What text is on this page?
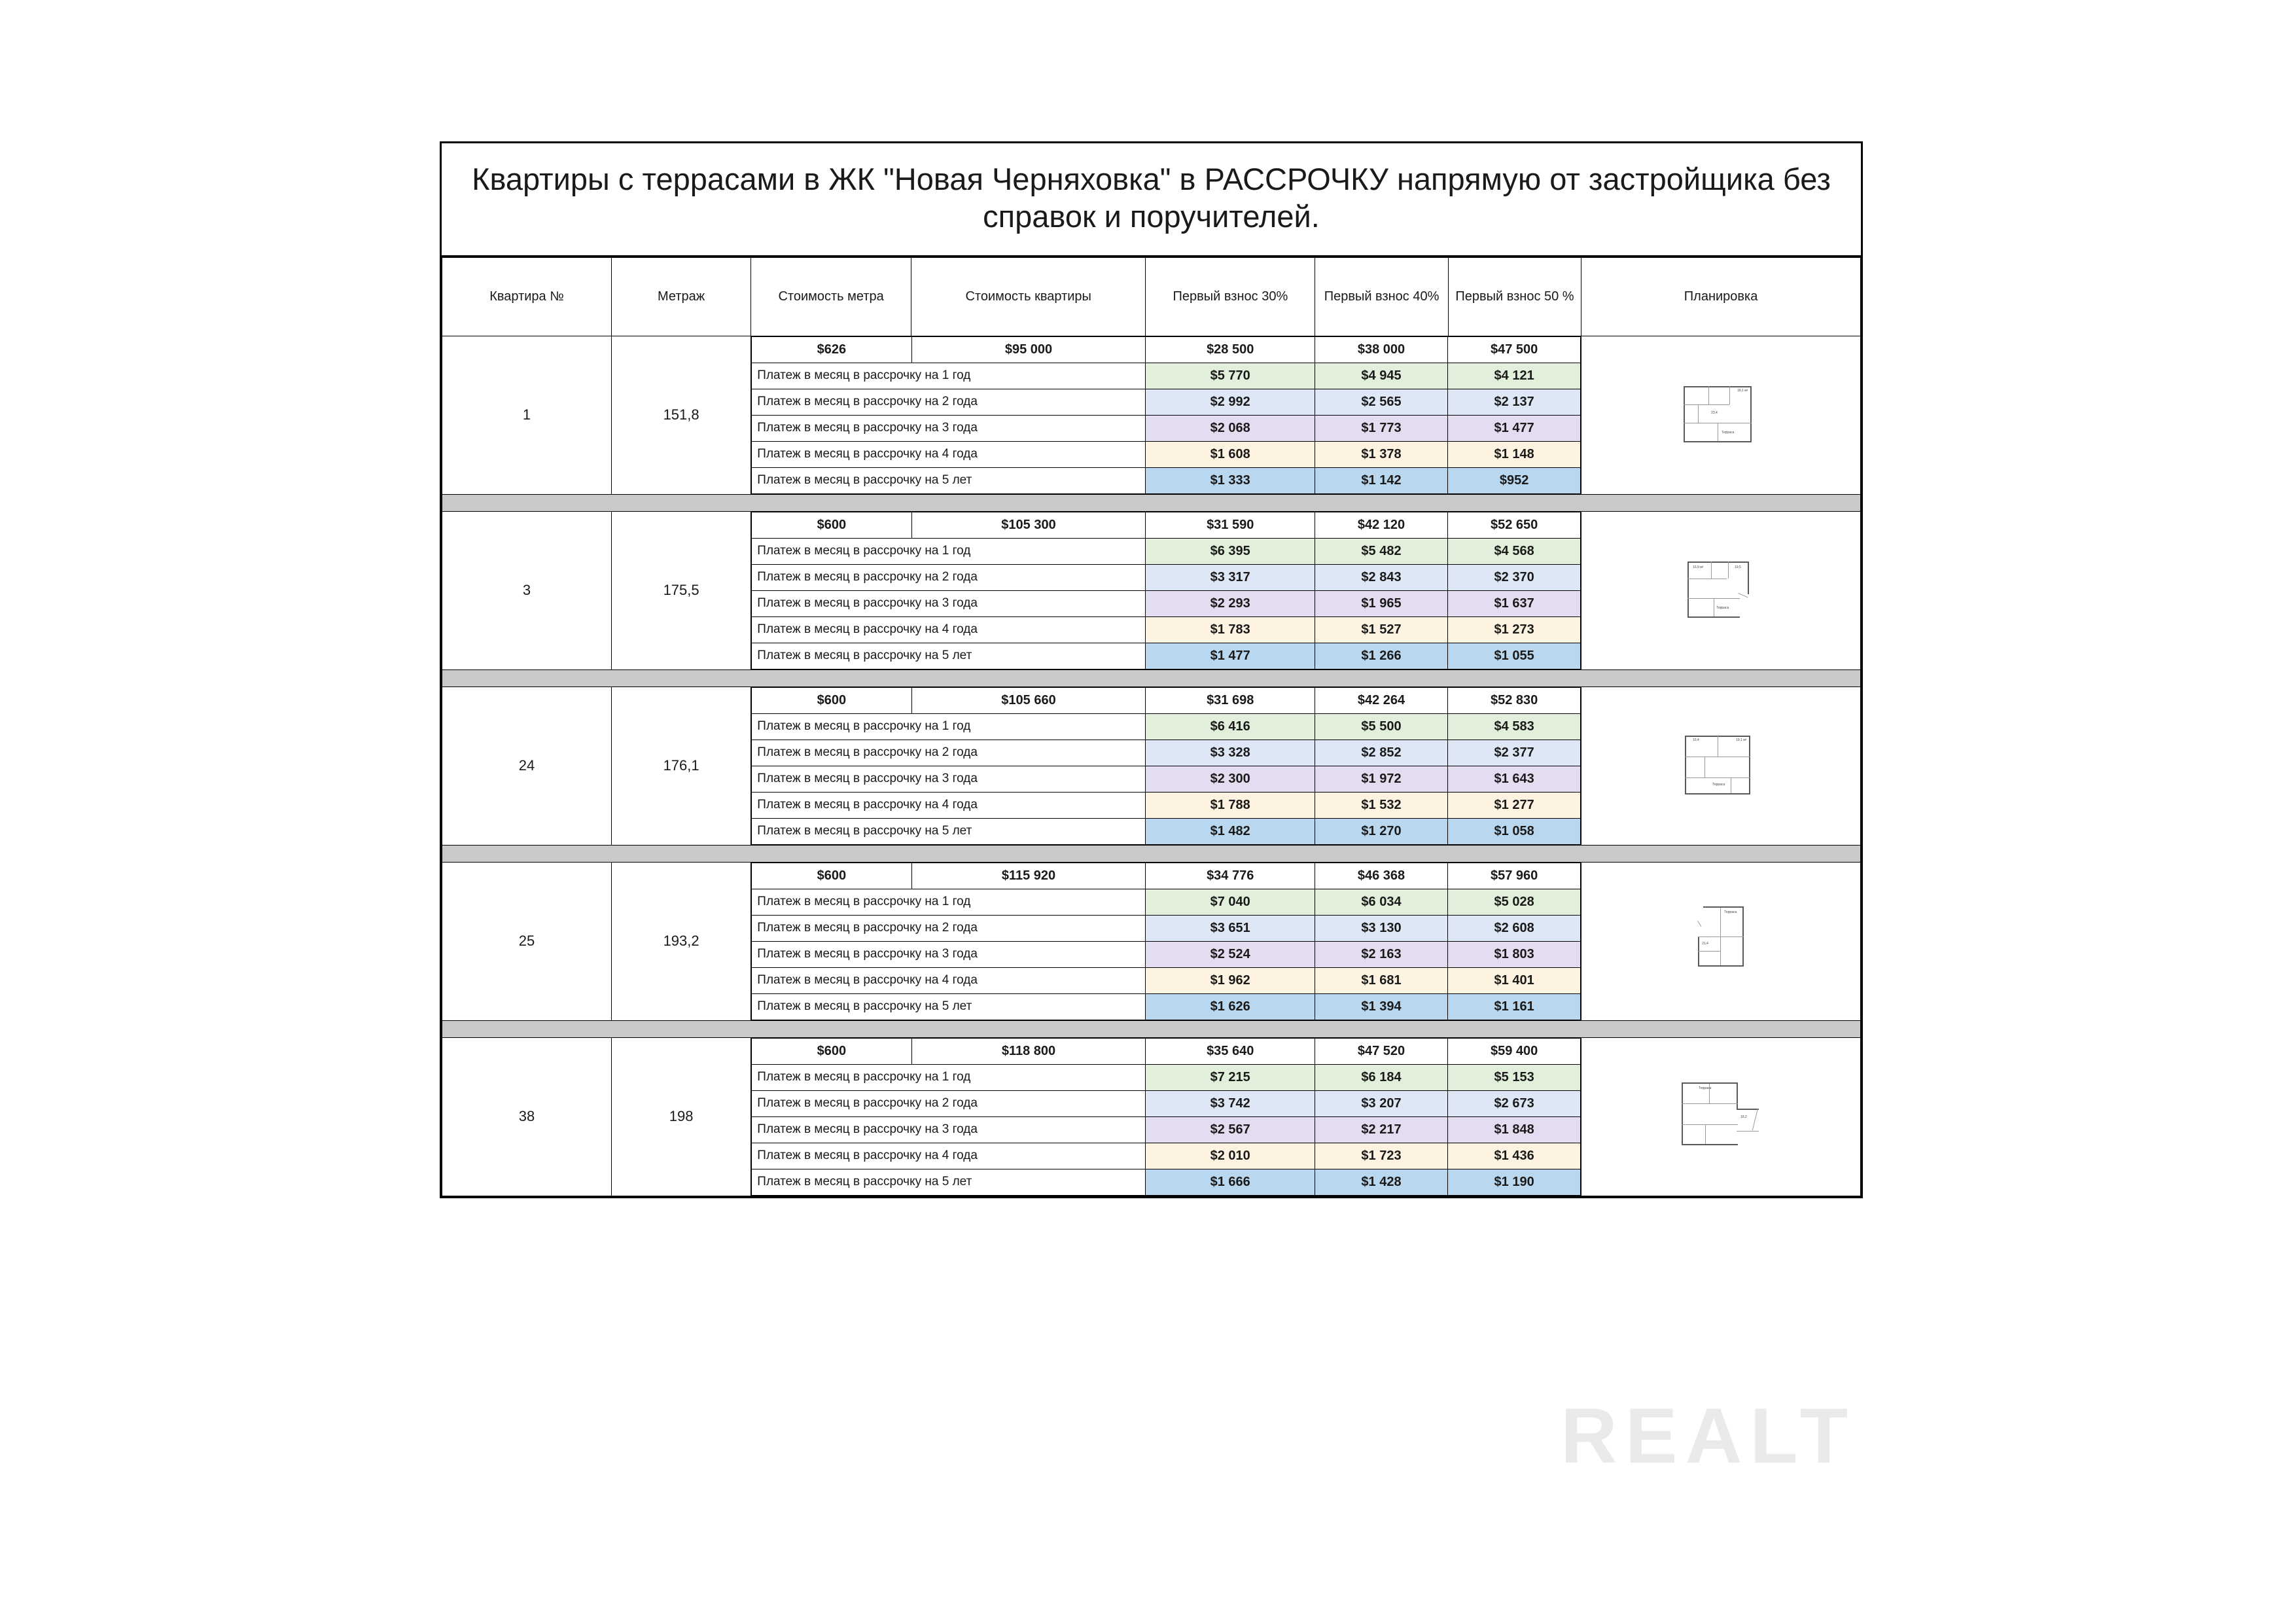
Квартиры с террасами в ЖК "Новая Черняховка" в РАССРОЧКУ напрямую от застройщика без справок и поручителей.
Квартира №	Метраж	Стоимость метра	Стоимость квартиры	Первый взнос 30%	Первый взнос 40%	Первый взнос 50 %	Планировка
1	151,8	
$626	$95 000	$28 500	$38 000	$47 500
Платеж в месяц в рассрочку на 1 год	$5 770	$4 945	$4 121
Платеж в месяц в рассрочку на 2 года	$2 992	$2 565	$2 137
Платеж в месяц в рассрочку на 3 года	$2 068	$1 773	$1 477
Платеж в месяц в рассрочку на 4 года	$1 608	$1 378	$1 148
Платеж в месяц в рассрочку на 5 лет	$1 333	$1 142	$952

18,1 м²
23,4
Терраса

3	175,5	
$600	$105 300	$31 590	$42 120	$52 650
Платеж в месяц в рассрочку на 1 год	$6 395	$5 482	$4 568
Платеж в месяц в рассрочку на 2 года	$3 317	$2 843	$2 370
Платеж в месяц в рассрочку на 3 года	$2 293	$1 965	$1 637
Платеж в месяц в рассрочку на 4 года	$1 783	$1 527	$1 273
Платеж в месяц в рассрочку на 5 лет	$1 477	$1 266	$1 055

16,9 м²	19,5
Терраса

24	176,1	
$600	$105 660	$31 698	$42 264	$52 830
Платеж в месяц в рассрочку на 1 год	$6 416	$5 500	$4 583
Платеж в месяц в рассрочку на 2 года	$3 328	$2 852	$2 377
Платеж в месяц в рассрочку на 3 года	$2 300	$1 972	$1 643
Платеж в месяц в рассрочку на 4 года	$1 788	$1 532	$1 277
Платеж в месяц в рассрочку на 5 лет	$1 482	$1 270	$1 058

19,1 м²
16,4
Терраса

25	193,2	
$600	$115 920	$34 776	$46 368	$57 960
Платеж в месяц в рассрочку на 1 год	$7 040	$6 034	$5 028
Платеж в месяц в рассрочку на 2 года	$3 651	$3 130	$2 608
Платеж в месяц в рассрочку на 3 года	$2 524	$2 163	$1 803
Платеж в месяц в рассрочку на 4 года	$1 962	$1 681	$1 401
Платеж в месяц в рассрочку на 5 лет	$1 626	$1 394	$1 161

Терраса
21,4

38	198	
$600	$118 800	$35 640	$47 520	$59 400
Платеж в месяц в рассрочку на 1 год	$7 215	$6 184	$5 153
Платеж в месяц в рассрочку на 2 года	$3 742	$3 207	$2 673
Платеж в месяц в рассрочку на 3 года	$2 567	$2 217	$1 848
Платеж в месяц в рассрочку на 4 года	$2 010	$1 723	$1 436
Платеж в месяц в рассрочку на 5 лет	$1 666	$1 428	$1 190

Терраса
18,2
REALT
